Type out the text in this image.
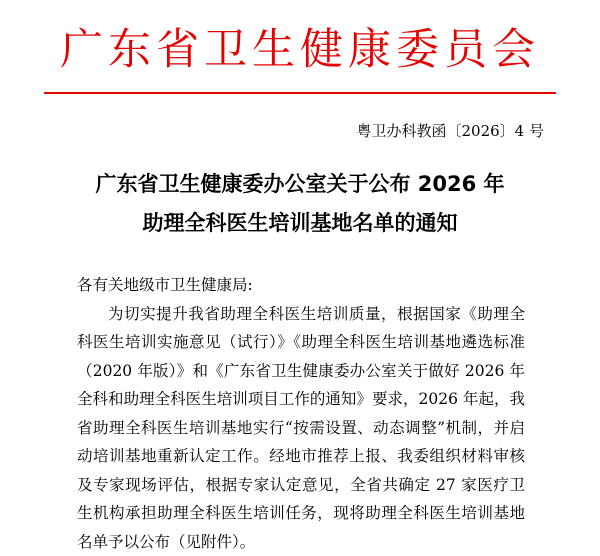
广东省卫生健康委员会
粤卫办科教函〔2026〕4 号
广东省卫生健康委办公室关于公布 2026 年
助理全科医生培训基地名单的通知

各有关地级市卫生健康局:

为切实提升我省助理全科医生培训质量，根据国家《助理全科医生培训实施意见（试行）》《助理全科医生培训基地遴选标准（2020 年版）》和《广东省卫生健康委办公室关于做好 2026 年全科和助理全科医生培训项目工作的通知》要求，2026 年起，我省助理全科医生培训基地实行“按需设置、动态调整”机制，并启动培训基地重新认定工作。经地市推荐上报、我委组织材料审核及专家现场评估，根据专家认定意见，全省共确定 27 家医疗卫生机构承担助理全科医生培训任务，现将助理全科医生培训基地名单予以公布（见附件）。
